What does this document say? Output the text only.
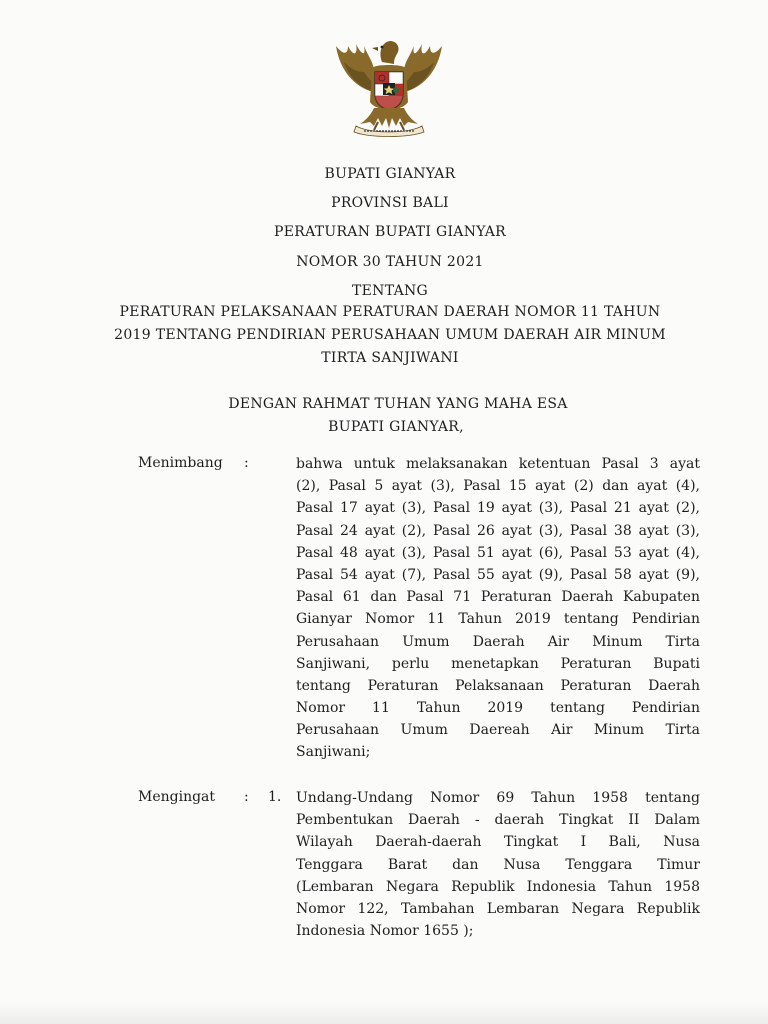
BUPATI GIANYAR
PROVINSI BALI
PERATURAN BUPATI GIANYAR
NOMOR 30 TAHUN 2021
TENTANG
PERATURAN PELAKSANAAN PERATURAN DAERAH NOMOR 11 TAHUN
2019 TENTANG PENDIRIAN PERUSAHAAN UMUM DAERAH AIR MINUM
TIRTA SANJIWANI
DENGAN RAHMAT TUHAN YANG MAHA ESA
BUPATI GIANYAR,
Menimbang :	bahwa untuk melaksanakan ketentuan Pasal 3 ayat
(2), Pasal 5 ayat (3), Pasal 15 ayat (2) dan ayat (4),
Pasal 17 ayat (3), Pasal 19 ayat (3), Pasal 21 ayat (2),
Pasal 24 ayat (2), Pasal 26 ayat (3), Pasal 38 ayat (3),
Pasal 48 ayat (3), Pasal 51 ayat (6), Pasal 53 ayat (4),
Pasal 54 ayat (7), Pasal 55 ayat (9), Pasal 58 ayat (9),
Pasal 61 dan Pasal 71 Peraturan Daerah Kabupaten
Gianyar Nomor 11 Tahun 2019 tentang Pendirian
Perusahaan Umum Daerah Air Minum Tirta
Sanjiwani, perlu menetapkan Peraturan Bupati
tentang Peraturan Pelaksanaan Peraturan Daerah
Nomor 11 Tahun 2019 tentang Pendirian
Perusahaan Umum Daereah Air Minum Tirta
Sanjiwani;
Mengingat : 1. Undang-Undang Nomor 69 Tahun 1958 tentang
Pembentukan Daerah - daerah Tingkat II Dalam
Wilayah Daerah-daerah Tingkat I Bali, Nusa
Tenggara Barat dan Nusa Tenggara Timur
(Lembaran Negara Republik Indonesia Tahun 1958
Nomor 122, Tambahan Lembaran Negara Republik
Indonesia Nomor 1655 );
